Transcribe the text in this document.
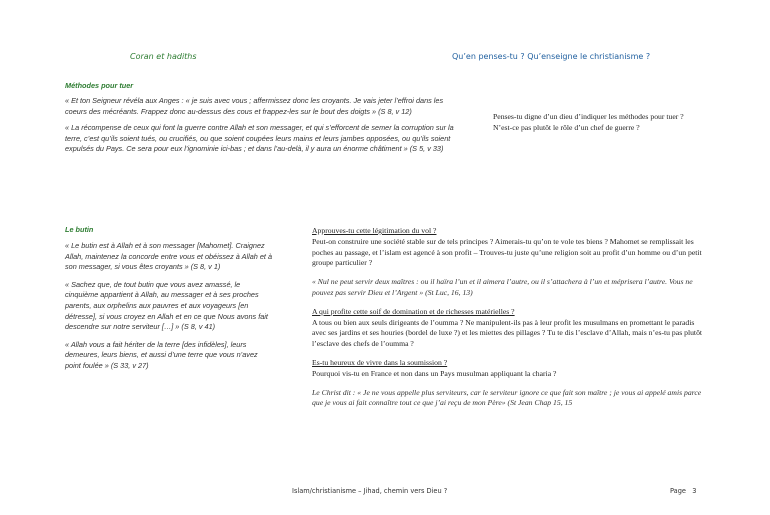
Coran et hadiths	Qu’en penses-tu ? Qu’enseigne le christianisme ?
Méthodes pour tuer

« Et ton Seigneur révéla aux Anges : « je suis avec vous ; affermissez donc les croyants. Je vais jeter l’effroi dans les coeurs des mécréants. Frappez donc au-dessus des cous et frappez-les sur le bout des doigts » (S 8, v 12)

« La récompense de ceux qui font la guerre contre Allah et son messager, et qui s’efforcent de semer la corruption sur la terre, c’est qu’ils soient tués, ou crucifiés, ou que soient coupées leurs mains et leurs jambes opposées, ou qu’ils soient expulsés du Pays. Ce sera pour eux l’ignominie ici-bas ; et dans l’au-delà, il y aura un énorme châtiment » (S 5, v 33)

Penses-tu digne d’un dieu d’indiquer les méthodes pour tuer ? N’est-ce pas plutôt le rôle d’un chef de guerre ?

Le butin

« Le butin est à Allah et à son messager [Mahomet]. Craignez Allah, maintenez la concorde entre vous et obéissez à Allah et à son messager, si vous êtes croyants » (S 8, v 1)

« Sachez que, de tout butin que vous avez amassé, le cinquième appartient à Allah, au messager et à ses proches parents, aux orphelins aux pauvres et aux voyageurs [en détresse], si vous croyez en Allah et en ce que Nous avons fait descendre sur notre serviteur […] » (S 8, v 41)

« Allah vous a fait hériter de la terre [des infidèles], leurs demeures, leurs biens, et aussi d’une terre que vous n’avez point foulée » (S 33, v 27)

Approuves-tu cette légitimation du vol ?

Peut-on construire une société stable sur de tels principes ? Aimerais-tu qu’on te vole tes biens ? Mahomet se remplissait les poches au passage, et l’islam est agencé à son profit – Trouves-tu juste qu’une religion soit au profit d’un homme ou d’un petit groupe particulier ?

« Nul ne peut servir deux maîtres : ou il haïra l’un et il aimera l’autre, ou il s’attachera à l’un et méprisera l’autre. Vous ne pouvez pas servir Dieu et l’Argent » (St Luc, 16, 13)

A qui profite cette soif de domination et de richesses matérielles ?

A tous ou bien aux seuls dirigeants de l’oumma ? Ne manipulent-ils pas à leur profit les musulmans en promettant le paradis avec ses jardins et ses houries (bordel de luxe ?) et les miettes des pillages ? Tu te dis l’esclave d’Allah, mais n’es-tu pas plutôt l’esclave des chefs de l’oumma ?

Es-tu heureux de vivre dans la soumission ?

Pourquoi vis-tu en France et non dans un Pays musulman appliquant la charia ?

Le Christ dit : « Je ne vous appelle plus serviteurs, car le serviteur ignore ce que fait son maître ; je vous ai appelé amis parce que je vous ai fait connaître tout ce que j’ai reçu de mon Père» (St Jean Chap 15, 15

Islam/christianisme – Jihad, chemin vers Dieu ?	Page 3
